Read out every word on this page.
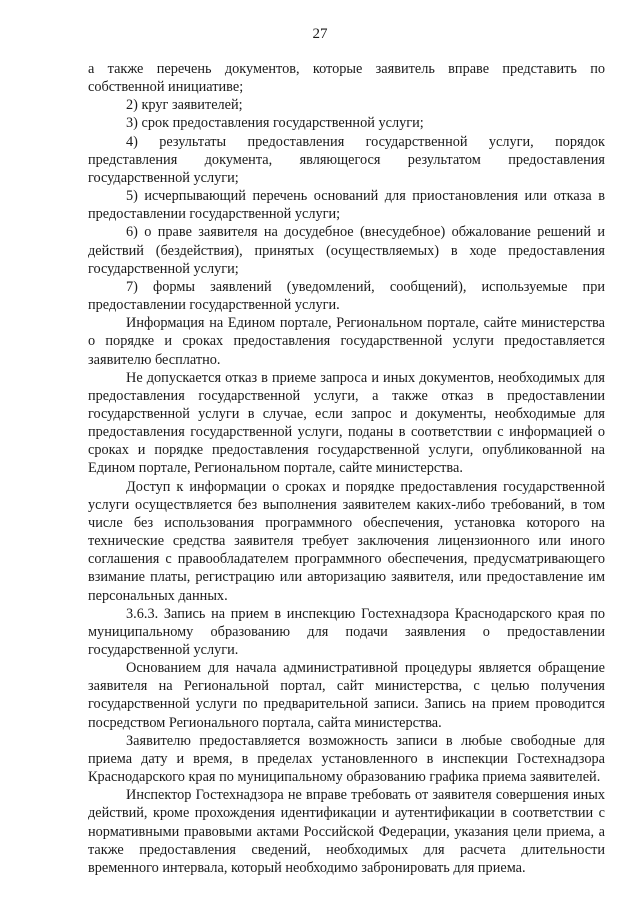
27

а также перечень документов, которые заявитель вправе представить по собственной инициативе;

2) круг заявителей;

3) срок предоставления государственной услуги;

4) результаты предоставления государственной услуги, порядок представления документа, являющегося результатом предоставления государственной услуги;

5) исчерпывающий перечень оснований для приостановления или отказа в предоставлении государственной услуги;

6) о праве заявителя на досудебное (внесудебное) обжалование решений и действий (бездействия), принятых (осуществляемых) в ходе предоставления государственной услуги;

7) формы заявлений (уведомлений, сообщений), используемые при предоставлении государственной услуги.

Информация на Едином портале, Региональном портале, сайте министерства о порядке и сроках предоставления государственной услуги предоставляется заявителю бесплатно.

Не допускается отказ в приеме запроса и иных документов, необходимых для предоставления государственной услуги, а также отказ в предоставлении государственной услуги в случае, если запрос и документы, необходимые для предоставления государственной услуги, поданы в соответствии с информацией о сроках и порядке предоставления государственной услуги, опубликованной на Едином портале, Региональном портале, сайте министерства.

Доступ к информации о сроках и порядке предоставления государственной услуги осуществляется без выполнения заявителем каких-либо требований, в том числе без использования программного обеспечения, установка которого на технические средства заявителя требует заключения лицензионного или иного соглашения с правообладателем программного обеспечения, предусматривающего взимание платы, регистрацию или авторизацию заявителя, или предоставление им персональных данных.

3.6.3. Запись на прием в инспекцию Гостехнадзора Краснодарского края по муниципальному образованию для подачи заявления о предоставлении государственной услуги.

Основанием для начала административной процедуры является обращение заявителя на Региональной портал, сайт министерства, с целью получения государственной услуги по предварительной записи. Запись на прием проводится посредством Регионального портала, сайта министерства.

Заявителю предоставляется возможность записи в любые свободные для приема дату и время, в пределах установленного в инспекции Гостехнадзора Краснодарского края по муниципальному образованию графика приема заявителей.

Инспектор Гостехнадзора не вправе требовать от заявителя совершения иных действий, кроме прохождения идентификации и аутентификации в соответствии с нормативными правовыми актами Российской Федерации, указания цели приема, а также предоставления сведений, необходимых для расчета длительности временного интервала, который необходимо забронировать для приема.
